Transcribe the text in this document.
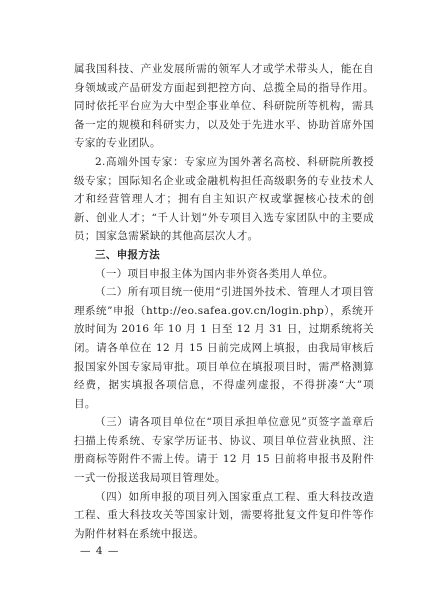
属我国科技、产业发展所需的领军人才或学术带头人，能在自身领域或产品研发方面起到把控方向、总揽全局的指导作用。同时依托平台应为大中型企事业单位、科研院所等机构，需具备一定的规模和科研实力，以及处于先进水平、协助首席外国专家的专业团队。

2.高端外国专家：专家应为国外著名高校、科研院所教授级专家；国际知名企业或金融机构担任高级职务的专业技术人才和经营管理人才；拥有自主知识产权或掌握核心技术的创新、创业人才；“千人计划”外专项目入选专家团队中的主要成员；国家急需紧缺的其他高层次人才。

三、申报方法

（一）项目申报主体为国内非外资各类用人单位。

（二）所有项目统一使用“引进国外技术、管理人才项目管理系统”申报（http://eo.safea.gov.cn/login.php），系统开放时间为 2016 年 10 月 1 日至 12 月 31 日，过期系统将关闭。请各单位在 12 月 15 日前完成网上填报，由我局审核后报国家外国专家局审批。项目单位在填报项目时，需严格测算经费，据实填报各项信息，不得虚列虚报，不得拼凑“大”项目。

（三）请各项目单位在“项目承担单位意见”页签字盖章后扫描上传系统、专家学历证书、协议、项目单位营业执照、注册商标等附件不需上传。请于 12 月 15 日前将申报书及附件一式一份报送我局项目管理处。

（四）如所申报的项目列入国家重点工程、重大科技改造工程、重大科技攻关等国家计划，需要将批复文件复印件等作为附件材料在系统中报送。

— 4 —
